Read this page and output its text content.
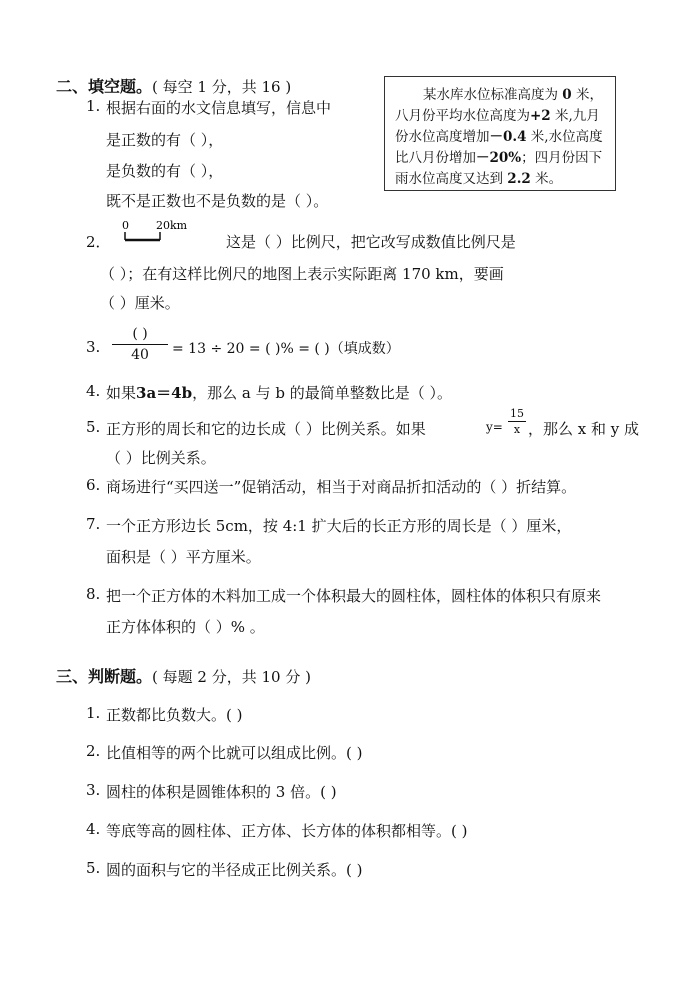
二、填空题。( 每空 1 分，共 16 )
1. 根据右面的水文信息填写，信息中
是正数的有（ ），
是负数的有（ ），
既不是正数也不是负数的是（ ）。
某水库水位标准高度为 0 米，
八月份平均水位高度为+2 米,九月
份水位高度增加－0.4 米,水位高度
比八月份增加－20%；四月份因下
雨水位高度又达到 2.2 米。
2．
0 20km
这是（ ）比例尺，把它改写成数值比例尺是
（ ）；在有这样比例尺的地图上表示实际距离 170 km，要画
（ ）厘米。
3.
( )
40	= 13 ÷ 20 = ( )% = ( )（填成数）
4. 如果3a＝4b，那么 a 与 b 的最简单整数比是（ ）。
5. 正方形的周长和它的边长成（ ）比例关系。如果	y=
15
x ，那么 x 和 y 成
（ ）比例关系。
6. 商场进行“买四送一”促销活动，相当于对商品折扣活动的（ ）折结算。
7. 一个正方形边长 5cm，按 4:1 扩大后的长正方形的周长是（ ）厘米，
面积是（ ）平方厘米。
8. 把一个正方体的木料加工成一个体积最大的圆柱体，圆柱体的体积只有原来
正方体体积的（ ）% 。
三、判断题。( 每题 2 分，共 10 分 )
1. 正数都比负数大。( )
2. 比值相等的两个比就可以组成比例。( )
3. 圆柱的体积是圆锥体积的 3 倍。( )
4. 等底等高的圆柱体、正方体、长方体的体积都相等。( )
5. 圆的面积与它的半径成正比例关系。( )
